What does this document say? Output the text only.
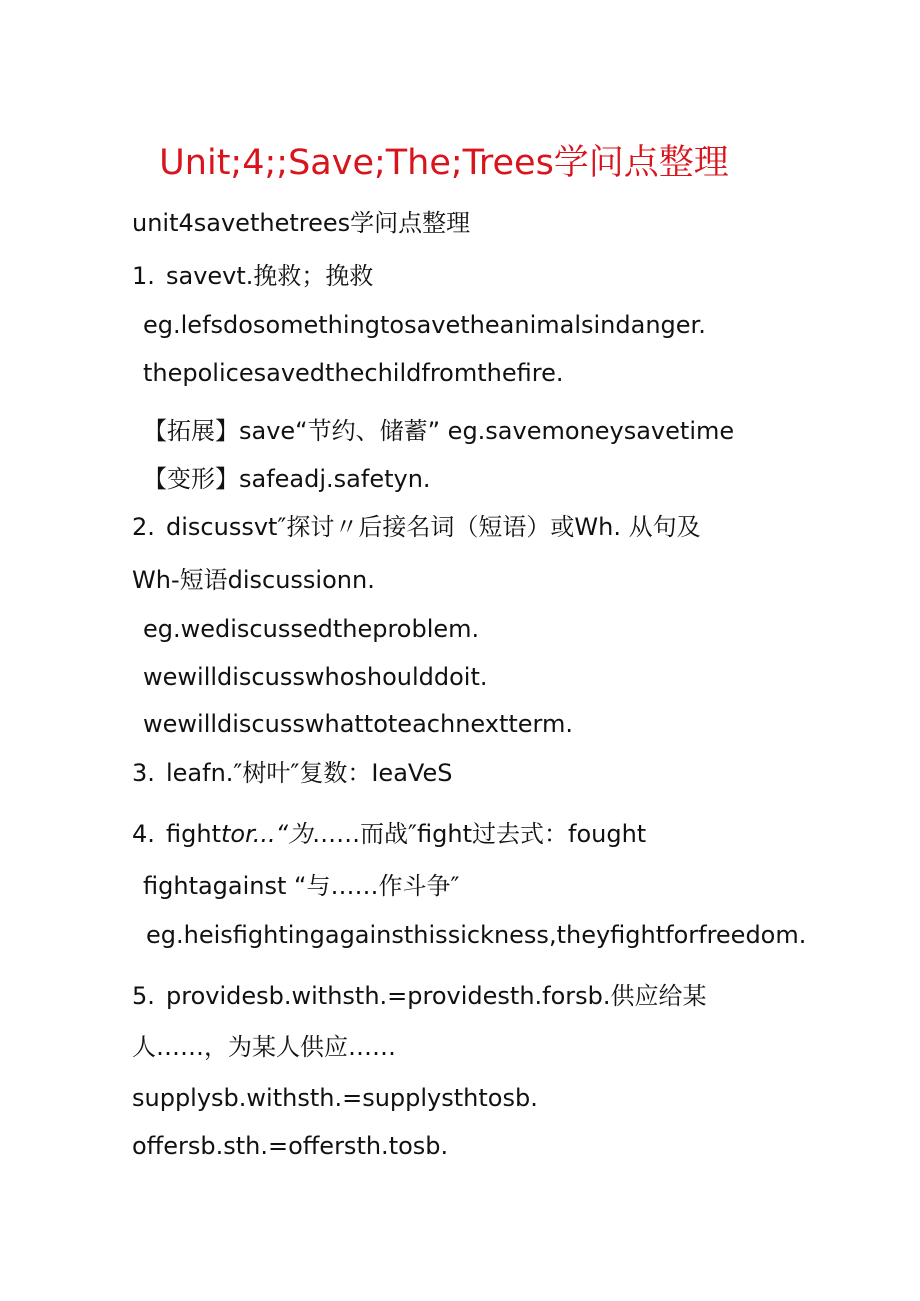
Unit;4;;Save;The;Trees学问点整理
unit4savethetrees学问点整理
1. savevt.挽救；挽救
eg.lefsdosomethingtosavetheanimalsindanger.
thepolicesavedthechildfromthefire.
【拓展】save“节约、储蓄” eg.savemoneysavetime
【变形】safeadj.safetyn.
2. discussvt″探讨〃后接名词（短语）或Wh. 从句及
Wh-短语discussionn.
eg.wediscussedtheproblem.
wewilldiscusswhoshoulddoit.
wewilldiscusswhattoteachnextterm.
3. leafn.″树叶″复数：IeaVeS
4. fighttor...“为……而战″fight过去式：fought
fightagainst “与……作斗争″
eg.heisfightingagainsthissickness,theyfightforfreedom.
5. providesb.withsth.=providesth.forsb.供应给某
人……，为某人供应……
supplysb.withsth.=supplysthtosb.
offersb.sth.=offersth.tosb.
